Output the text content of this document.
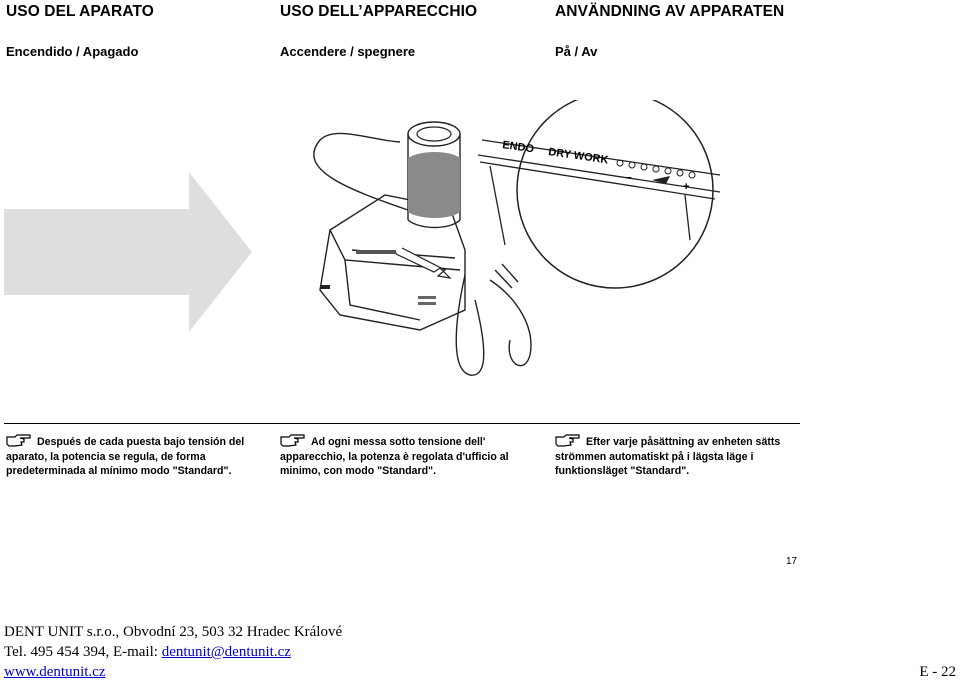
USO DEL APARATO	USO DELL’APPARECCHIO	ANVÄNDNING AV APPARATEN
Encendido / Apagado	Accendere / spegnere	På / Av
ENDO DRY WORK
–
+
Después de cada puesta bajo tensión del aparato, la potencia se regula, de forma predeterminada al mínimo modo "Standard".
Ad ogni messa sotto tensione dell' apparecchio, la potenza è regolata d'ufficio al minimo, con modo "Standard".
Efter varje påsättning av enheten sätts strömmen automatiskt på i lägsta läge i funktionsläget "Standard".
17
DENT UNIT s.r.o., Obvodní 23, 503 32 Hradec Králové
Tel. 495 454 394, E-mail: dentunit@dentunit.cz
www.dentunit.cz	E - 22
